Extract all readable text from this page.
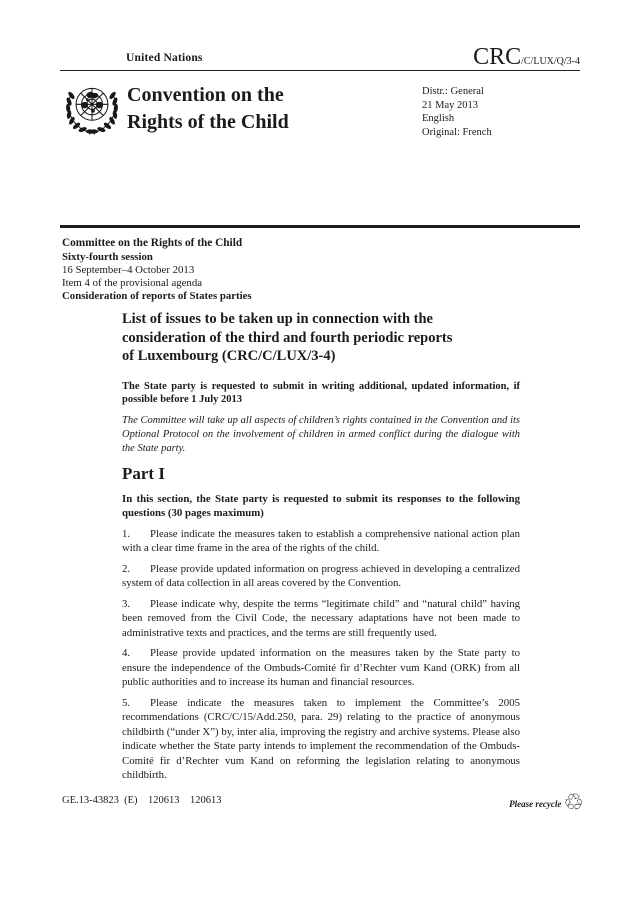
United Nations	CRC/C/LUX/Q/3-4
Convention on the
Rights of the Child
Distr.: General
21 May 2013
English
Original: French
Committee on the Rights of the Child
Sixty-fourth session
16 September–4 October 2013
Item 4 of the provisional agenda
Consideration of reports of States parties
List of issues to be taken up in connection with the consideration of the third and fourth periodic reports of Luxembourg (CRC/C/LUX/3-4)

The State party is requested to submit in writing additional, updated information, if possible before 1 July 2013

The Committee will take up all aspects of children’s rights contained in the Convention and its Optional Protocol on the involvement of children in armed conflict during the dialogue with the State party.

Part I

In this section, the State party is requested to submit its responses to the following questions (30 pages maximum)

1. Please indicate the measures taken to establish a comprehensive national action plan with a clear time frame in the area of the rights of the child.

2. Please provide updated information on progress achieved in developing a centralized system of data collection in all areas covered by the Convention.

3. Please indicate why, despite the terms “legitimate child” and “natural child” having been removed from the Civil Code, the necessary adaptations have not been made to administrative texts and practices, and the terms are still frequently used.

4. Please provide updated information on the measures taken by the State party to ensure the independence of the Ombuds-Comité fir d’Rechter vum Kand (ORK) from all public authorities and to increase its human and financial resources.

5. Please indicate the measures taken to implement the Committee’s 2005 recommendations (CRC/C/15/Add.250, para. 29) relating to the practice of anonymous childbirth (“under X”) by, inter alia, improving the registry and archive systems. Please also indicate whether the State party intends to implement the recommendation of the Ombuds-Comité fir d’Rechter vum Kand on reforming the legislation relating to anonymous childbirth.

GE.13-43823  (E)    120613    120613	Please recycle ♲
